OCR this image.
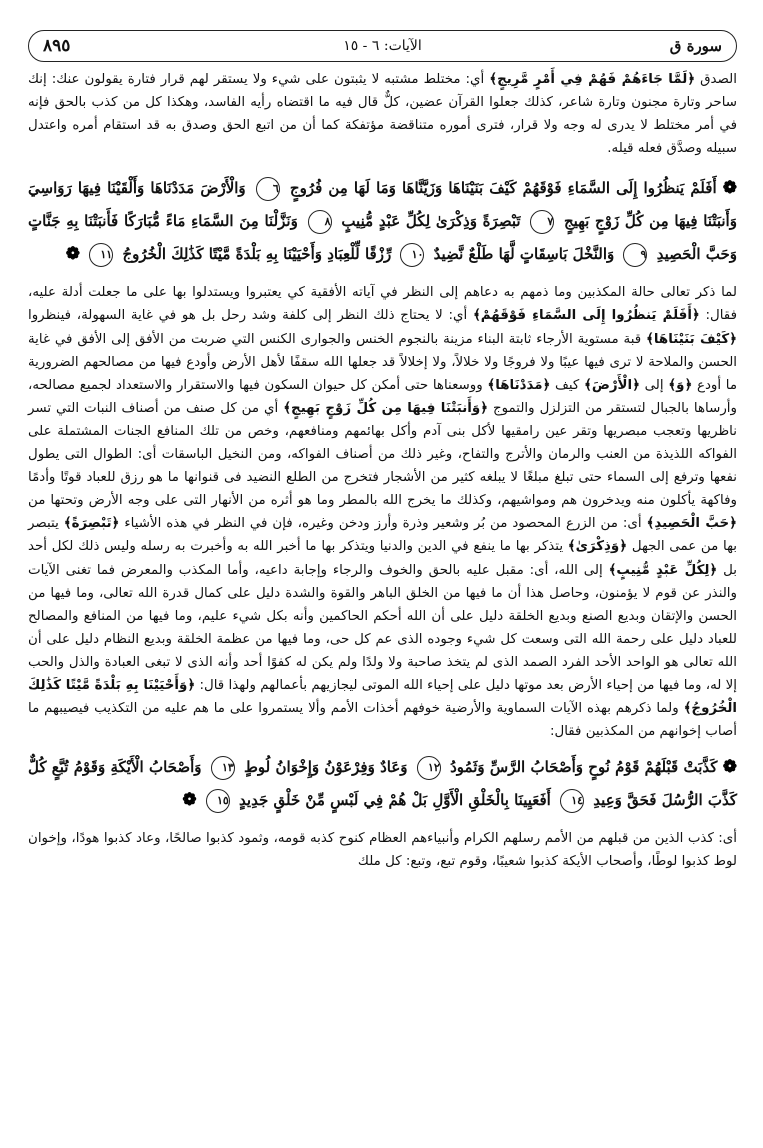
سورة ق
الآيات: ٦ - ١٥
٨٩٥

الصدق ﴿لَمَّا جَاءَهُمْ فَهُمْ فِي أَمْرٍ مَّرِيجٍ﴾ أي: مختلط مشتبه لا يثبتون على شيء ولا يستقر لهم قرار فتارة يقولون عنك: إنك ساحر وتارة مجنون وتارة شاعر، كذلك جعلوا القرآن عضين، كلٌّ قال فيه ما اقتضاه رأيه الفاسد، وهكذا كل من كذب بالحق فإنه في أمر مختلط لا يدرى له وجه ولا قرار، فترى أموره متناقضة مؤتفكة كما أن من اتبع الحق وصدق به قد استقام أمره واعتدل سبيله وصدَّق فعله قيله.

❁ أَفَلَمْ يَنظُرُوا إِلَى السَّمَاءِ فَوْقَهُمْ كَيْفَ بَنَيْنَاهَا وَزَيَّنَّاهَا وَمَا لَهَا مِن فُرُوجٍ ٦ وَالْأَرْضَ مَدَدْنَاهَا وَأَلْقَيْنَا فِيهَا رَوَاسِيَ وَأَنبَتْنَا فِيهَا مِن كُلِّ زَوْجٍ بَهِيجٍ ٧ تَبْصِرَةً وَذِكْرَىٰ لِكُلِّ عَبْدٍ مُّنِيبٍ ٨ وَنَزَّلْنَا مِنَ السَّمَاءِ مَاءً مُّبَارَكًا فَأَنبَتْنَا بِهِ جَنَّاتٍ وَحَبَّ الْحَصِيدِ ٩ وَالنَّخْلَ بَاسِقَاتٍ لَّهَا طَلْعٌ نَّضِيدٌ ١٠ رِّزْقًا لِّلْعِبَادِ وَأَحْيَيْنَا بِهِ بَلْدَةً مَّيْتًا كَذَٰلِكَ الْخُرُوجُ ١١ ❁

لما ذكر تعالى حالة المكذبين وما ذمهم به دعاهم إلى النظر في آياته الأفقية كي يعتبروا ويستدلوا بها على ما جعلت أدلة عليه، فقال: ﴿أَفَلَمْ يَنظُرُوا إِلَى السَّمَاءِ فَوْقَهُمْ﴾ أي: لا يحتاج ذلك النظر إلى كلفة وشد رحل بل هو في غاية السهولة، فينظروا ﴿كَيْفَ بَنَيْنَاهَا﴾ قبة مستوية الأرجاء ثابتة البناء مزينة بالنجوم الخنس والجوارى الكنس التي ضربت من الأفق إلى الأفق في غاية الحسن والملاحة لا ترى فيها عيبًا ولا فروجًا ولا خلالاً، ولا إخلالاً قد جعلها الله سقفًا لأهل الأرض وأودع فيها من مصالحهم الضرورية ما أودع ﴿وَ﴾ إلى ﴿الْأَرْضَ﴾ كيف ﴿مَدَدْنَاهَا﴾ ووسعناها حتى أمكن كل حيوان السكون فيها والاستقرار والاستعداد لجميع مصالحه، وأرساها بالجبال لتستقر من التزلزل والتموج ﴿وَأَنبَتْنَا فِيهَا مِن كُلِّ زَوْجٍ بَهِيجٍ﴾ أي من كل صنف من أصناف النبات التي تسر ناظريها وتعجب مبصريها وتقر عين رامقيها لأكل بنى آدم وأكل بهائمهم ومنافعهم، وخص من تلك المنافع الجنات المشتملة على الفواكه اللذيذة من العنب والرمان والأترج والتفاح، وغير ذلك من أصناف الفواكه، ومن النخيل الباسقات أى: الطوال التى يطول نفعها وترفع إلى السماء حتى تبلغ مبلغًا لا يبلغه كثير من الأشجار فتخرج من الطلع النضيد فى قنوانها ما هو رزق للعباد قوتًا وأدمًا وفاكهة يأكلون منه ويدخرون هم ومواشيهم، وكذلك ما يخرج الله بالمطر وما هو أثره من الأنهار التى على وجه الأرض وتحتها من ﴿حَبَّ الْحَصِيدِ﴾ أى: من الزرع المحصود من بُر وشعير وذرة وأرز ودخن وغيره، فإن في النظر في هذه الأشياء ﴿تَبْصِرَةً﴾ يتبصر بها من عمى الجهل ﴿وَذِكْرَىٰ﴾ يتذكر بها ما ينفع في الدين والدنيا ويتذكر بها ما أخبر الله به وأخبرت به رسله وليس ذلك لكل أحد بل ﴿لِكُلِّ عَبْدٍ مُّنِيبٍ﴾ إلى الله، أى: مقبل عليه بالحق والخوف والرجاء وإجابة داعيه، وأما المكذب والمعرض فما تغنى الآيات والنذر عن قوم لا يؤمنون، وحاصل هذا أن ما فيها من الخلق الباهر والقوة والشدة دليل على كمال قدرة الله تعالى، وما فيها من الحسن والإتقان وبديع الصنع وبديع الخلقة دليل على أن الله أحكم الحاكمين وأنه بكل شيء عليم، وما فيها من المنافع والمصالح للعباد دليل على رحمة الله التى وسعت كل شيء وجوده الذى عم كل حى، وما فيها من عظمة الخلقة وبديع النظام دليل على أن الله تعالى هو الواحد الأحد الفرد الصمد الذى لم يتخذ صاحبة ولا ولدًا ولم يكن له كفوًا أحد وأنه الذى لا تبغى العبادة والذل والحب إلا له، وما فيها من إحياء الأرض بعد موتها دليل على إحياء الله الموتى ليجازيهم بأعمالهم ولهذا قال: ﴿وَأَحْيَيْنَا بِهِ بَلْدَةً مَّيْتًا كَذَٰلِكَ الْخُرُوجُ﴾ ولما ذكرهم بهذه الآيات السماوية والأرضية خوفهم أخذات الأمم وألا يستمروا على ما هم عليه من التكذيب فيصيبهم ما أصاب إخوانهم من المكذبين فقال:

❁ كَذَّبَتْ قَبْلَهُمْ قَوْمُ نُوحٍ وَأَصْحَابُ الرَّسِّ وَثَمُودُ ١٢ وَعَادٌ وَفِرْعَوْنُ وَإِخْوَانُ لُوطٍ ١٣ وَأَصْحَابُ الْأَيْكَةِ وَقَوْمُ تُبَّعٍ كُلٌّ كَذَّبَ الرُّسُلَ فَحَقَّ وَعِيدِ ١٤ أَفَعَيِينَا بِالْخَلْقِ الْأَوَّلِ بَلْ هُمْ فِي لَبْسٍ مِّنْ خَلْقٍ جَدِيدٍ ١٥ ❁

أى: كذب الذين من قبلهم من الأمم رسلهم الكرام وأنبياءهم العظام كنوح كذبه قومه، وثمود كذبوا صالحًا، وعاد كذبوا هودًا، وإخوان لوط كذبوا لوطًا، وأصحاب الأيكة كذبوا شعيبًا، وقوم تبع، وتبع: كل ملك
